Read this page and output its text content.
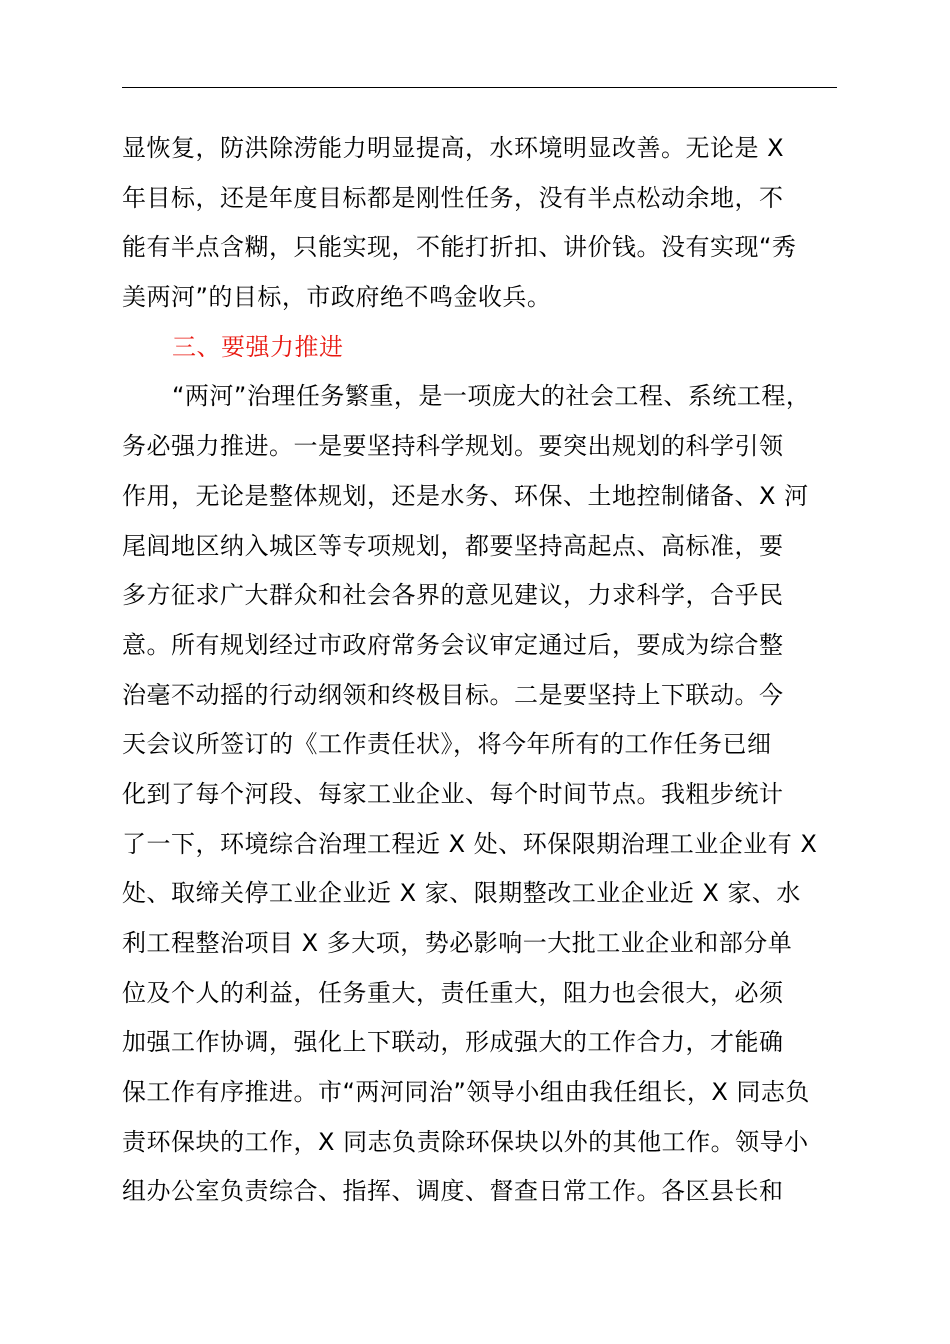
显恢复，防洪除涝能力明显提高，水环境明显改善。无论是 X
年目标，还是年度目标都是刚性任务，没有半点松动余地，不
能有半点含糊，只能实现，不能打折扣、讲价钱。没有实现“秀
美两河”的目标，市政府绝不鸣金收兵。
三、要强力推进
“两河”治理任务繁重，是一项庞大的社会工程、系统工程，
务必强力推进。一是要坚持科学规划。要突出规划的科学引领
作用，无论是整体规划，还是水务、环保、土地控制储备、X 河
尾闾地区纳入城区等专项规划，都要坚持高起点、高标准，要
多方征求广大群众和社会各界的意见建议，力求科学，合乎民
意。所有规划经过市政府常务会议审定通过后，要成为综合整
治毫不动摇的行动纲领和终极目标。二是要坚持上下联动。今
天会议所签订的《工作责任状》，将今年所有的工作任务已细
化到了每个河段、每家工业企业、每个时间节点。我粗步统计
了一下，环境综合治理工程近 X 处、环保限期治理工业企业有 X
处、取缔关停工业企业近 X 家、限期整改工业企业近 X 家、水
利工程整治项目 X 多大项，势必影响一大批工业企业和部分单
位及个人的利益，任务重大，责任重大，阻力也会很大，必须
加强工作协调，强化上下联动，形成强大的工作合力，才能确
保工作有序推进。市“两河同治”领导小组由我任组长，X 同志负
责环保块的工作，X 同志负责除环保块以外的其他工作。领导小
组办公室负责综合、指挥、调度、督查日常工作。各区县长和
